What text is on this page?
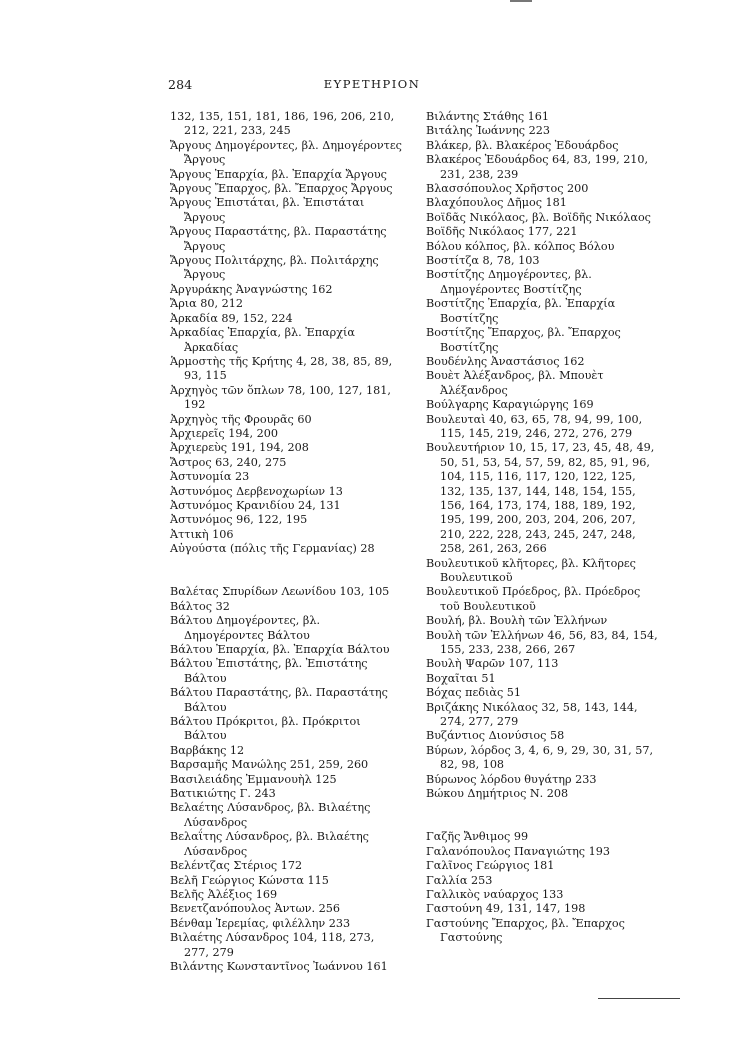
284	ΕΥΡΕΤΗΡΙΟΝ
132, 135, 151, 181, 186, 196, 206, 210, 212, 221, 233, 245
Ἄργους Δημογέροντες, βλ. Δημογέροντες Ἄργους
Ἄργους Ἐπαρχία, βλ. Ἐπαρχία Ἄργους
Ἄργους Ἔπαρχος, βλ. Ἔπαρχος Ἄργους
Ἄργους Ἐπιστάται, βλ. Ἐπιστάται Ἄργους
Ἄργους Παραστάτης, βλ. Παραστάτης Ἄργους
Ἄργους Πολιτάρχης, βλ. Πολιτάρχης Ἄργους
Ἀργυράκης Ἀναγνώστης 162
Ἄρια 80, 212
Ἀρκαδία 89, 152, 224
Ἀρκαδίας Ἐπαρχία, βλ. Ἐπαρχία Ἀρκαδίας
Ἁρμοστὴς τῆς Κρήτης 4, 28, 38, 85, 89, 93, 115
Ἀρχηγὸς τῶν ὅπλων 78, 100, 127, 181, 192
Ἀρχηγὸς τῆς Φρουρᾶς 60
Ἀρχιερεῖς 194, 200
Ἀρχιερεὺς 191, 194, 208
Ἄστρος 63, 240, 275
Ἀστυνομία 23
Ἀστυνόμος Δερβενοχωρίων 13
Ἀστυνόμος Κρανιδίου 24, 131
Ἀστυνόμος 96, 122, 195
Ἀττικὴ 106
Αὐγούστα (πόλις τῆς Γερμανίας) 28
Βαλέτας Σπυρίδων Λεωνίδου 103, 105
Βάλτος 32
Βάλτου Δημογέροντες, βλ. Δημογέροντες Βάλτου
Βάλτου Ἐπαρχία, βλ. Ἐπαρχία Βάλτου
Βάλτου Ἐπιστάτης, βλ. Ἐπιστάτης Βάλτου
Βάλτου Παραστάτης, βλ. Παραστάτης Βάλτου
Βάλτου Πρόκριτοι, βλ. Πρόκριτοι Βάλτου
Βαρβάκης 12
Βαρσαμῆς Μανώλης 251, 259, 260
Βασιλειάδης Ἐμμανουὴλ 125
Βατικιώτης Γ. 243
Βελαέτης Λύσανδρος, βλ. Βιλαέτης Λύσανδρος
Βελαΐτης Λύσανδρος, βλ. Βιλαέτης Λύσανδρος
Βελέντζας Στέριος 172
Βελῆ Γεώργιος Κώνστα 115
Βελῆς Ἀλέξιος 169
Βενετζανόπουλος Ἀντων. 256
Βένθαμ Ἱερεμίας, φιλέλλην 233
Βιλαέτης Λύσανδρος 104, 118, 273, 277, 279
Βιλάντης Κωνσταντῖνος Ἰωάννου 161
Βιλάντης Στάθης 161
Βιτάλης Ἰωάννης 223
Βλάκερ, βλ. Βλακέρος Ἐδουάρδος
Βλακέρος Ἐδουάρδος 64, 83, 199, 210, 231, 238, 239
Βλασσόπουλος Χρῆστος 200
Βλαχόπουλος Δῆμος 181
Βοϊδᾶς Νικόλαος, βλ. Βοϊδῆς Νικόλαος
Βοϊδῆς Νικόλαος 177, 221
Βόλου κόλπος, βλ. κόλπος Βόλου
Βοστίτζα 8, 78, 103
Βοστίτζης Δημογέροντες, βλ. Δημογέροντες Βοστίτζης
Βοστίτζης Ἐπαρχία, βλ. Ἐπαρχία Βοστίτζης
Βοστίτζης Ἔπαρχος, βλ. Ἔπαρχος Βοστίτζης
Βουδένλης Ἀναστάσιος 162
Βουὲτ Ἀλέξανδρος, βλ. Μπουὲτ Ἀλέξανδρος
Βούλγαρης Καραγιώργης 169
Βουλευταὶ 40, 63, 65, 78, 94, 99, 100, 115, 145, 219, 246, 272, 276, 279
Βουλευτήριον 10, 15, 17, 23, 45, 48, 49, 50, 51, 53, 54, 57, 59, 82, 85, 91, 96, 104, 115, 116, 117, 120, 122, 125, 132, 135, 137, 144, 148, 154, 155, 156, 164, 173, 174, 188, 189, 192, 195, 199, 200, 203, 204, 206, 207, 210, 222, 228, 243, 245, 247, 248, 258, 261, 263, 266
Βουλευτικοῦ κλῆτορες, βλ. Κλῆτορες Βουλευτικοῦ
Βουλευτικοῦ Πρόεδρος, βλ. Πρόεδρος τοῦ Βουλευτικοῦ
Βουλή, βλ. Βουλὴ τῶν Ἑλλήνων
Βουλὴ τῶν Ἑλλήνων 46, 56, 83, 84, 154, 155, 233, 238, 266, 267
Βουλὴ Ψαρῶν 107, 113
Βοχαῖται 51
Βόχας πεδιὰς 51
Βριζάκης Νικόλαος 32, 58, 143, 144, 274, 277, 279
Βυζάντιος Διονύσιος 58
Βύρων, λόρδος 3, 4, 6, 9, 29, 30, 31, 57, 82, 98, 108
Βύρωνος λόρδου θυγάτηρ 233
Βώκου Δημήτριος Ν. 208
Γαζῆς Ἄνθιμος 99
Γαλανόπουλος Παναγιώτης 193
Γαλῖνος Γεώργιος 181
Γαλλία 253
Γαλλικὸς ναύαρχος 133
Γαστούνη 49, 131, 147, 198
Γαστούνης Ἔπαρχος, βλ. Ἔπαρχος Γαστούνης
